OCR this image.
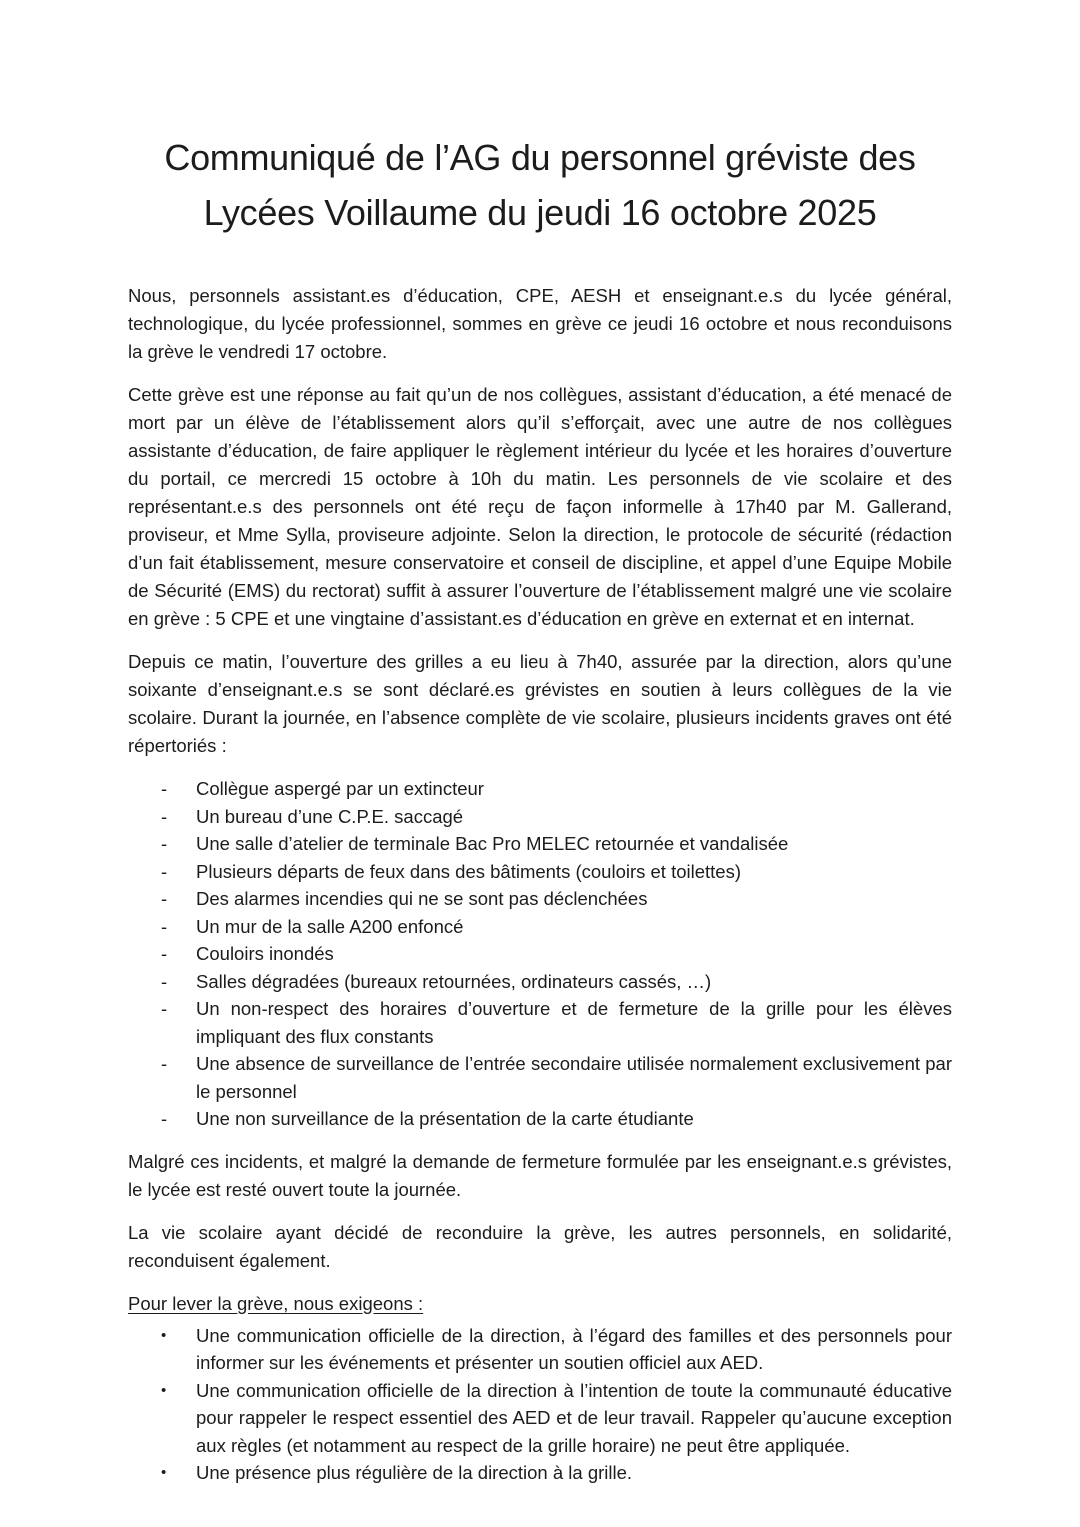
Communiqué de l’AG du personnel gréviste des Lycées Voillaume du jeudi 16 octobre 2025

Nous, personnels assistant.es d’éducation, CPE, AESH et enseignant.e.s du lycée général, technologique, du lycée professionnel, sommes en grève ce jeudi 16 octobre et nous reconduisons la grève le vendredi 17 octobre.

Cette grève est une réponse au fait qu’un de nos collègues, assistant d’éducation, a été menacé de mort par un élève de l’établissement alors qu’il s’efforçait, avec une autre de nos collègues assistante d’éducation, de faire appliquer le règlement intérieur du lycée et les horaires d’ouverture du portail, ce mercredi 15 octobre à 10h du matin. Les personnels de vie scolaire et des représentant.e.s des personnels ont été reçu de façon informelle à 17h40 par M. Gallerand, proviseur, et Mme Sylla, proviseure adjointe. Selon la direction, le protocole de sécurité (rédaction d’un fait établissement, mesure conservatoire et conseil de discipline, et appel d’une Equipe Mobile de Sécurité (EMS) du rectorat) suffit à assurer l’ouverture de l’établissement malgré une vie scolaire en grève : 5 CPE et une vingtaine d’assistant.es d’éducation en grève en externat et en internat.

Depuis ce matin, l’ouverture des grilles a eu lieu à 7h40, assurée par la direction, alors qu’une soixante d’enseignant.e.s se sont déclaré.es grévistes en soutien à leurs collègues de la vie scolaire. Durant la journée, en l’absence complète de vie scolaire, plusieurs incidents graves ont été répertoriés :

-	Collègue aspergé par un extincteur
-	Un bureau d’une C.P.E. saccagé
-	Une salle d’atelier de terminale Bac Pro MELEC retournée et vandalisée
-	Plusieurs départs de feux dans des bâtiments (couloirs et toilettes)
-	Des alarmes incendies qui ne se sont pas déclenchées
-	Un mur de la salle A200 enfoncé
-	Couloirs inondés
-	Salles dégradées (bureaux retournées, ordinateurs cassés, …)
-	Un non-respect des horaires d’ouverture et de fermeture de la grille pour les élèves impliquant des flux constants
-	Une absence de surveillance de l’entrée secondaire utilisée normalement exclusivement par le personnel
-	Une non surveillance de la présentation de la carte étudiante

Malgré ces incidents, et malgré la demande de fermeture formulée par les enseignant.e.s grévistes, le lycée est resté ouvert toute la journée.

La vie scolaire ayant décidé de reconduire la grève, les autres personnels, en solidarité, reconduisent également.

Pour lever la grève, nous exigeons :

•	Une communication officielle de la direction, à l’égard des familles et des personnels pour informer sur les événements et présenter un soutien officiel aux AED.
•	Une communication officielle de la direction à l’intention de toute la communauté éducative pour rappeler le respect essentiel des AED et de leur travail. Rappeler qu’aucune exception aux règles (et notamment au respect de la grille horaire) ne peut être appliquée.
•	Une présence plus régulière de la direction à la grille.
